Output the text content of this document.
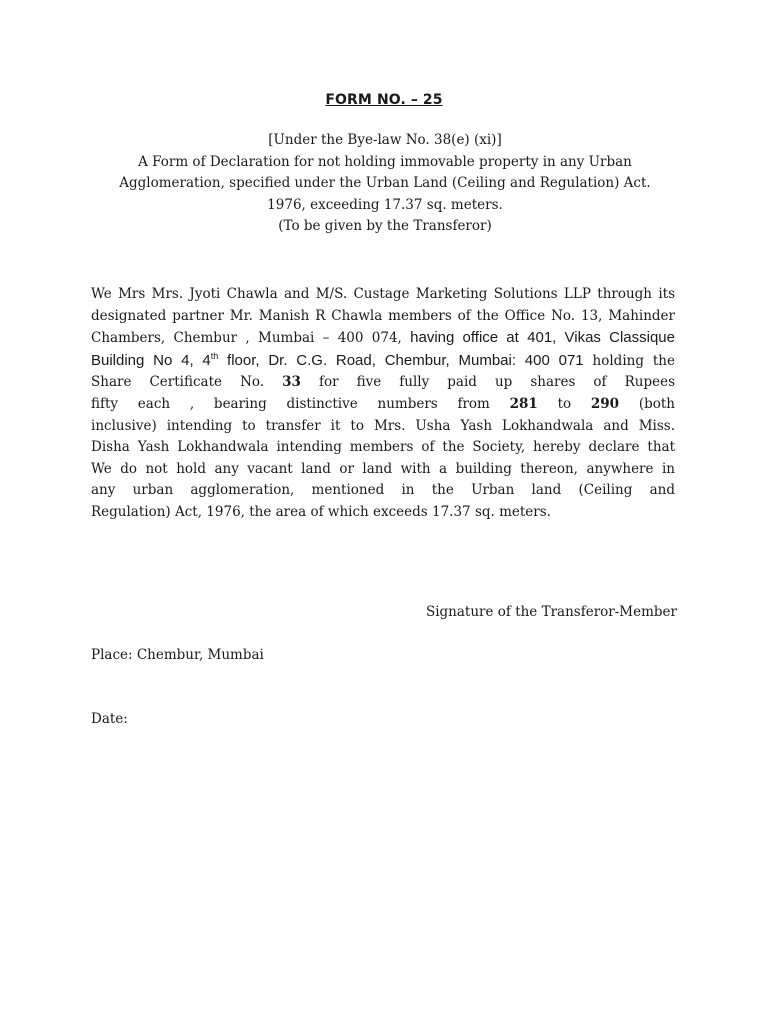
FORM NO. – 25
[Under the Bye-law No. 38(e) (xi)]
A Form of Declaration for not holding immovable property in any Urban
Agglomeration, specified under the Urban Land (Ceiling and Regulation) Act.
1976, exceeding 17.37 sq. meters.
(To be given by the Transferor)
We Mrs Mrs. Jyoti Chawla and M/S. Custage Marketing Solutions LLP through its
designated partner Mr. Manish R Chawla members of the Office No. 13, Mahinder
Chambers, Chembur , Mumbai – 400 074, having office at 401, Vikas Classique
Building No 4, 4th floor, Dr. C.G. Road, Chembur, Mumbai: 400 071 holding the
Share Certificate No. 33 for five fully paid up shares of Rupees
fifty each , bearing distinctive numbers from 281 to 290 (both
inclusive) intending to transfer it to Mrs. Usha Yash Lokhandwala and Miss.
Disha Yash Lokhandwala intending members of the Society, hereby declare that
We do not hold any vacant land or land with a building thereon, anywhere in
any urban agglomeration, mentioned in the Urban land (Ceiling and
Regulation) Act, 1976, the area of which exceeds 17.37 sq. meters.
Signature of the Transferor-Member
Place: Chembur, Mumbai
Date:
